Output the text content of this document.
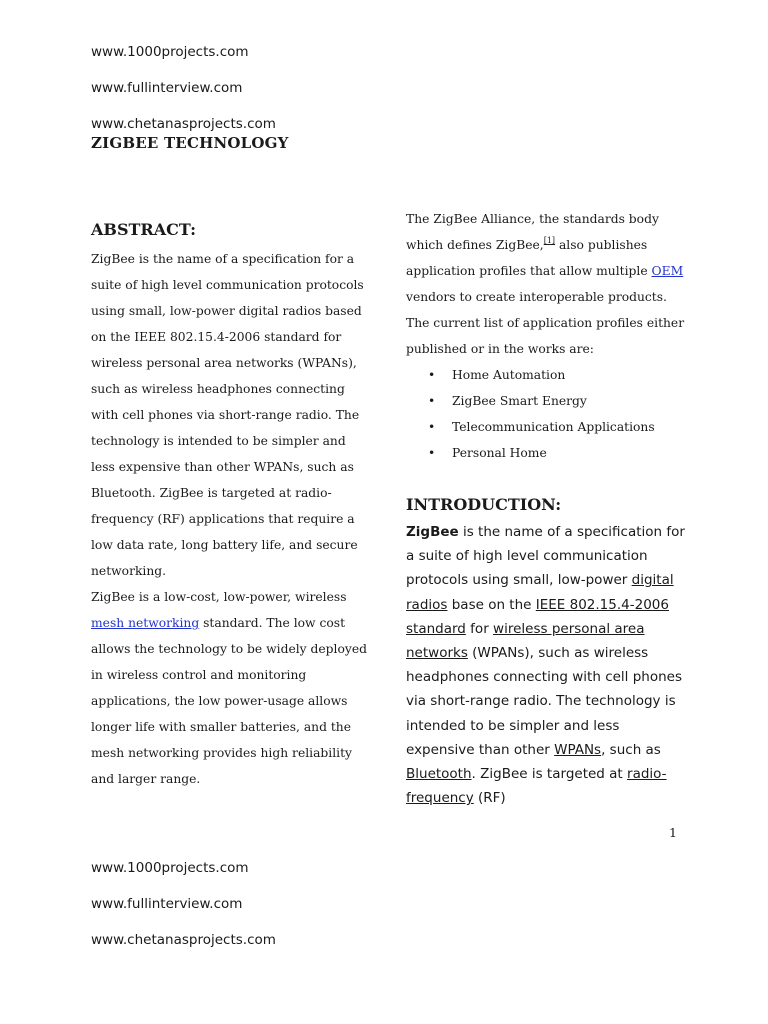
www.1000projects.com
www.fullinterview.com
www.chetanasprojects.com
ZIGBEE TECHNOLOGY
ABSTRACT:

ZigBee is the name of a specification for a suite of high level communication protocols using small, low-power digital radios based on the IEEE 802.15.4-2006 standard for wireless personal area networks (WPANs), such as wireless headphones connecting with cell phones via short-range radio. The technology is intended to be simpler and less expensive than other WPANs, such as Bluetooth. ZigBee is targeted at radio-frequency (RF) applications that require a low data rate, long battery life, and secure networking.

ZigBee is a low-cost, low-power, wireless mesh networking standard. The low cost allows the technology to be widely deployed in wireless control and monitoring applications, the low power-usage allows longer life with smaller batteries, and the mesh networking provides high reliability and larger range.

The ZigBee Alliance, the standards body which defines ZigBee,[1] also publishes application profiles that allow multiple OEM vendors to create interoperable products. The current list of application profiles either published or in the works are:

• Home Automation
• ZigBee Smart Energy
• Telecommunication Applications
• Personal Home
INTRODUCTION:

ZigBee is the name of a specification for a suite of high level communication protocols using small, low-power digital radios base on the IEEE 802.15.4-2006 standard for wireless personal area networks (WPANs), such as wireless headphones connecting with cell phones via short-range radio. The technology is intended to be simpler and less expensive than other WPANs, such as Bluetooth. ZigBee is targeted at radio-frequency (RF)

1
www.1000projects.com
www.fullinterview.com
www.chetanasprojects.com
